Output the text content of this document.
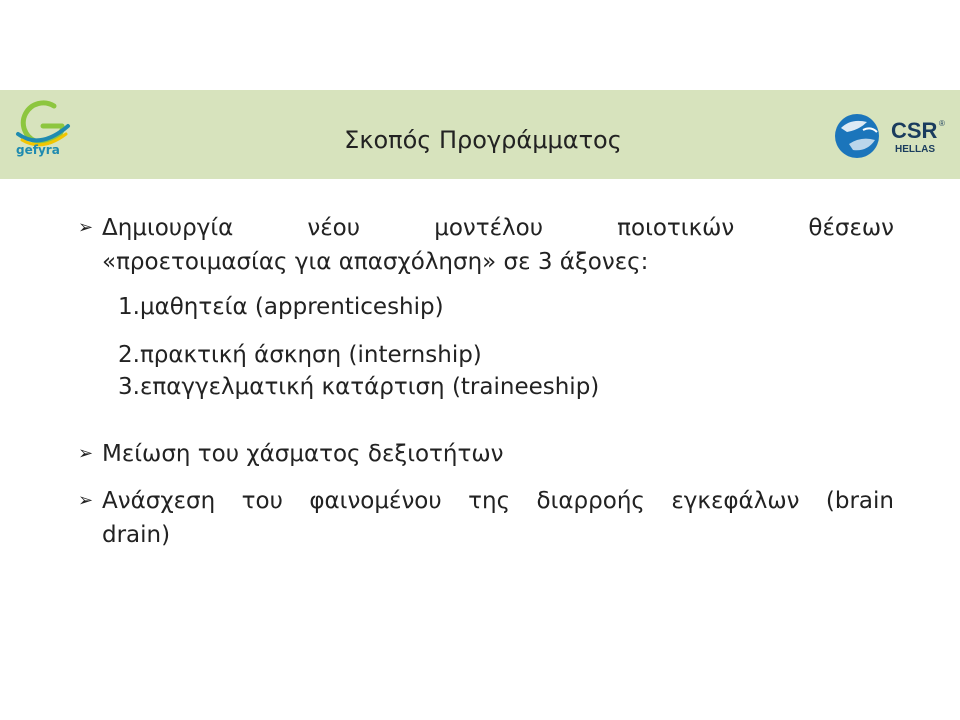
gefyra
CSR ®
HELLAS
Σκοπός Προγράμματος
➢ Δημιουργία νέου μοντέλου ποιοτικών θέσεων
«προετοιμασίας για απασχόληση» σε 3 άξονες:
1.μαθητεία (apprenticeship)
2.πρακτική άσκηση (internship)
3.επαγγελματική κατάρτιση (traineeship)
➢ Μείωση του χάσματος δεξιοτήτων
➢ Ανάσχεση του φαινομένου της διαρροής εγκεφάλων (brain
drain)
